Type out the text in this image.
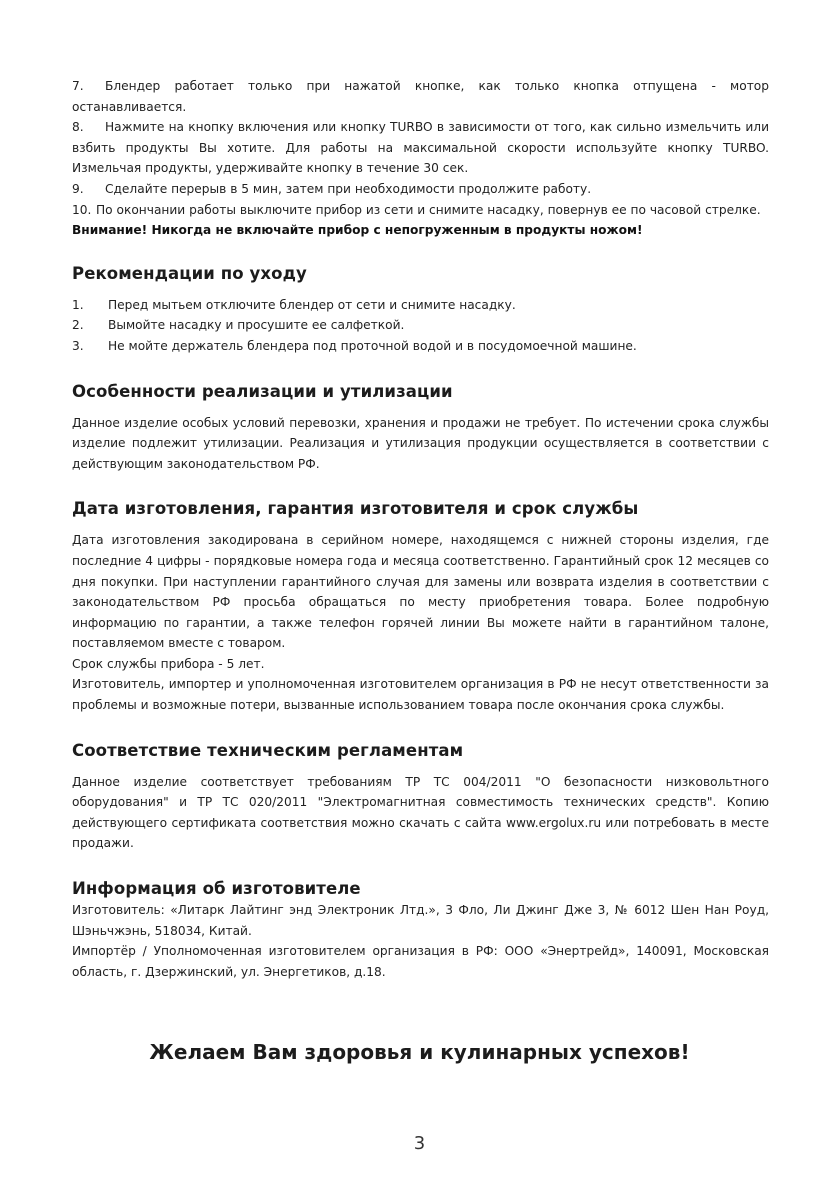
7. Блендер работает только при нажатой кнопке, как только кнопка отпущена - мотор останавливается.

8. Нажмите на кнопку включения или кнопку TURBO в зависимости от того, как сильно измельчить или взбить продукты Вы хотите. Для работы на максимальной скорости используйте кнопку TURBO. Измельчая продукты, удерживайте кнопку в течение 30 сек.

9. Сделайте перерыв в 5 мин, затем при необходимости продолжите работу.

10. По окончании работы выключите прибор из сети и снимите насадку, повернув ее по часовой стрелке.

Внимание! Никогда не включайте прибор с непогруженным в продукты ножом!

Рекомендации по уходу

1. Перед мытьем отключите блендер от сети и снимите насадку.

2. Вымойте насадку и просушите ее салфеткой.

3. Не мойте держатель блендера под проточной водой и в посудомоечной машине.

Особенности реализации и утилизации

Данное изделие особых условий перевозки, хранения и продажи не требует. По истечении срока службы изделие подлежит утилизации. Реализация и утилизация продукции осуществляется в соответствии с действующим законодательством РФ.

Дата изготовления, гарантия изготовителя и срок службы

Дата изготовления закодирована в серийном номере, находящемся с нижней стороны изделия, где последние 4 цифры - порядковые номера года и месяца соответственно. Гарантийный срок 12 месяцев со дня покупки. При наступлении гарантийного случая для замены или возврата изделия в соответствии с законодательством РФ просьба обращаться по месту приобретения товара. Более подробную информацию по гарантии, а также телефон горячей линии Вы можете найти в гарантийном талоне, поставляемом вместе с товаром.

Срок службы прибора - 5 лет.

Изготовитель, импортер и уполномоченная изготовителем организация в РФ не несут ответственности за проблемы и возможные потери, вызванные использованием товара после окончания срока службы.

Соответствие техническим регламентам

Данное изделие соответствует требованиям ТР ТС 004/2011 "О безопасности низковольтного оборудования" и ТР ТС 020/2011 "Электромагнитная совместимость технических средств". Копию действующего сертификата соответствия можно скачать с сайта www.ergolux.ru или потребовать в месте продажи.

Информация об изготовителе

Изготовитель: «Литарк Лайтинг энд Электроник Лтд.», 3 Фло, Ли Джинг Дже 3, № 6012 Шен Нан Роуд, Шэньчжэнь, 518034, Китай.

Импортёр / Уполномоченная изготовителем организация в РФ: ООО «Энертрейд», 140091, Московская область, г. Дзержинский, ул. Энергетиков, д.18.

Желаем Вам здоровья и кулинарных успехов!
3
